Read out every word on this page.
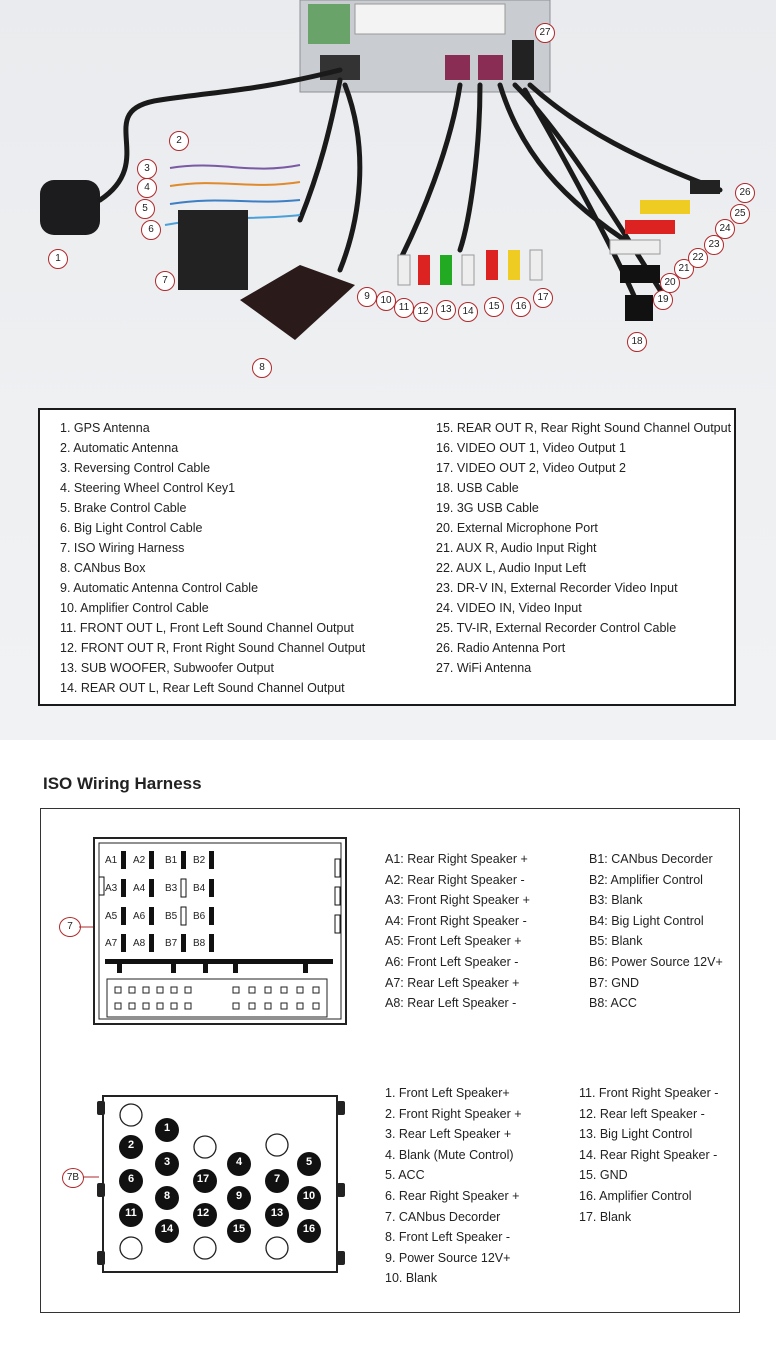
1
2
3
4
5
6
7
8
9	10
11 12	13	14	15	16
17
18
19
20
21
22
23
24
25
26
27
1. GPS Antenna
2. Automatic Antenna
3. Reversing Control Cable
4. Steering Wheel Control Key1
5. Brake Control Cable
6. Big Light Control Cable
7. ISO Wiring Harness
8. CANbus Box
9. Automatic Antenna Control Cable
10. Amplifier Control Cable
11. FRONT OUT L, Front Left Sound Channel Output
12. FRONT OUT R, Front Right Sound Channel Output
13. SUB WOOFER, Subwoofer Output
14. REAR OUT L, Rear Left Sound Channel Output
15. REAR OUT R, Rear Right Sound Channel Output
16. VIDEO OUT 1, Video Output 1
17. VIDEO OUT 2, Video Output 2
18. USB Cable
19. 3G USB Cable
20. External Microphone Port
21. AUX R, Audio Input Right
22. AUX L, Audio Input Left
23. DR-V IN, External Recorder Video Input
24. VIDEO IN, Video Input
25. TV-IR, External Recorder Control Cable
26. Radio Antenna Port
27. WiFi Antenna
ISO Wiring Harness
7
A1 A2 B1 B2
A3 A4 B3 B4
A5 A6 B5 B6
A7 A8 B7 B8
A1: Rear Right Speaker +
A2: Rear Right Speaker -
A3: Front Right Speaker +
A4: Front Right Speaker -
A5: Front Left Speaker +
A6: Front Left Speaker -
A7: Rear Left Speaker +
A8: Rear Left Speaker -
B1: CANbus Decorder
B2: Amplifier Control
B3: Blank
B4: Big Light Control
B5: Blank
B6: Power Source 12V+
B7: GND
B8: ACC
7B
1
2
3	4	5
6	7
8	9	10
11	12	13
14	15	16
17
1. Front Left Speaker+
2. Front Right Speaker +
3. Rear Left Speaker +
4. Blank (Mute Control)
5. ACC
6. Rear Right Speaker +
7. CANbus Decorder
8. Front Left Speaker -
9. Power Source 12V+
10. Blank
11. Front Right Speaker -
12. Rear left Speaker -
13. Big Light Control
14. Rear Right Speaker -
15. GND
16. Amplifier Control
17. Blank
